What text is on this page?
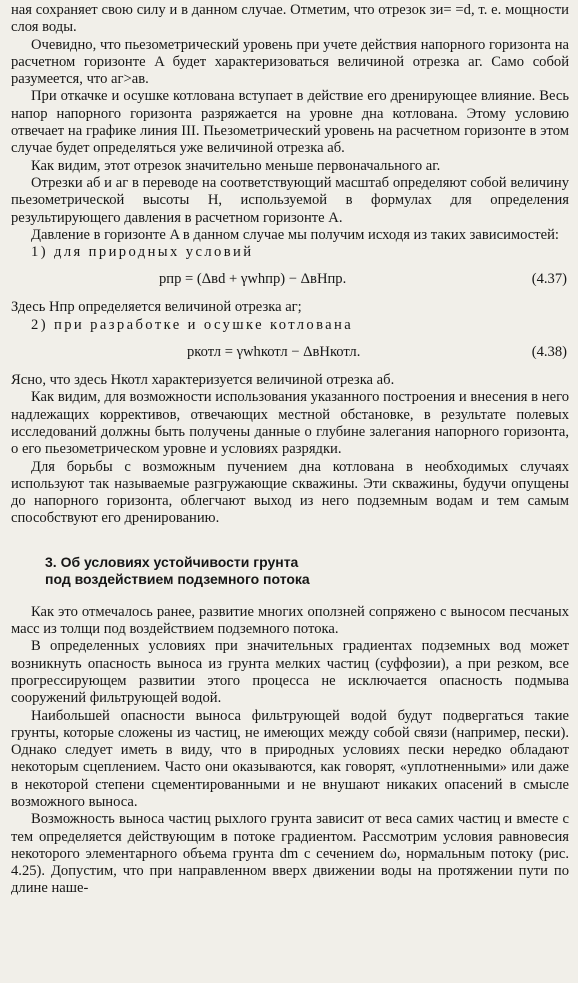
ная сохраняет свою силу и в данном случае. Отметим, что отрезок зи= =d, т. е. мощности слоя воды.

Очевидно, что пьезометрический уровень при учете действия напорного горизонта на расчетном горизонте A будет характеризоваться величиной отрезка аг. Само собой разумеется, что аг>ав.

При откачке и осушке котлована вступает в действие его дренирующее влияние. Весь напор напорного горизонта разряжается на уровне дна котлована. Этому условию отвечает на графике линия III. Пьезометрический уровень на расчетном горизонте в этом случае будет определяться уже величиной отрезка аб.

Как видим, этот отрезок значительно меньше первоначального аг.

Отрезки аб и аг в переводе на соответствующий масштаб определяют собой величину пьезометрической высоты H, используемой в формулах для определения результирующего давления в расчетном горизонте A.

Давление в горизонте A в данном случае мы получим исходя из таких зависимостей:

1) для природных условий

pпр = (Δвd + γwhпр) − ΔвHпр.	(4.37)

Здесь Hпр определяется величиной отрезка аг;

2) при разработке и осушке котлована

pкотл = γwhкотл − ΔвHкотл.	(4.38)

Ясно, что здесь Hкотл характеризуется величиной отрезка аб.

Как видим, для возможности использования указанного построения и внесения в него надлежащих коррективов, отвечающих местной обстановке, в результате полевых исследований должны быть получены данные о глубине залегания напорного горизонта, о его пьезометрическом уровне и условиях разрядки.

Для борьбы с возможным пучением дна котлована в необходимых случаях используют так называемые разгружающие скважины. Эти скважины, будучи опущены до напорного горизонта, облегчают выход из него подземным водам и тем самым способствуют его дренированию.

3. Об условиях устойчивости грунта

под воздействием подземного потока

Как это отмечалось ранее, развитие многих оползней сопряжено с выносом песчаных масс из толщи под воздействием подземного потока.

В определенных условиях при значительных градиентах подземных вод может возникнуть опасность выноса из грунта мелких частиц (суффозии), а при резком, все прогрессирующем развитии этого процесса не исключается опасность подмыва сооружений фильтрующей водой.

Наибольшей опасности выноса фильтрующей водой будут подвергаться такие грунты, которые сложены из частиц, не имеющих между собой связи (например, пески). Однако следует иметь в виду, что в природных условиях пески нередко обладают некоторым сцеплением. Часто они оказываются, как говорят, «уплотненными» или даже в некоторой степени сцементированными и не внушают никаких опасений в смысле возможного выноса.

Возможность выноса частиц рыхлого грунта зависит от веса самих частиц и вместе с тем определяется действующим в потоке градиентом. Рассмотрим условия равновесия некоторого элементарного объема грунта dm с сечением dω, нормальным потоку (рис. 4.25). Допустим, что при направленном вверх движении воды на протяжении пути по длине наше-
